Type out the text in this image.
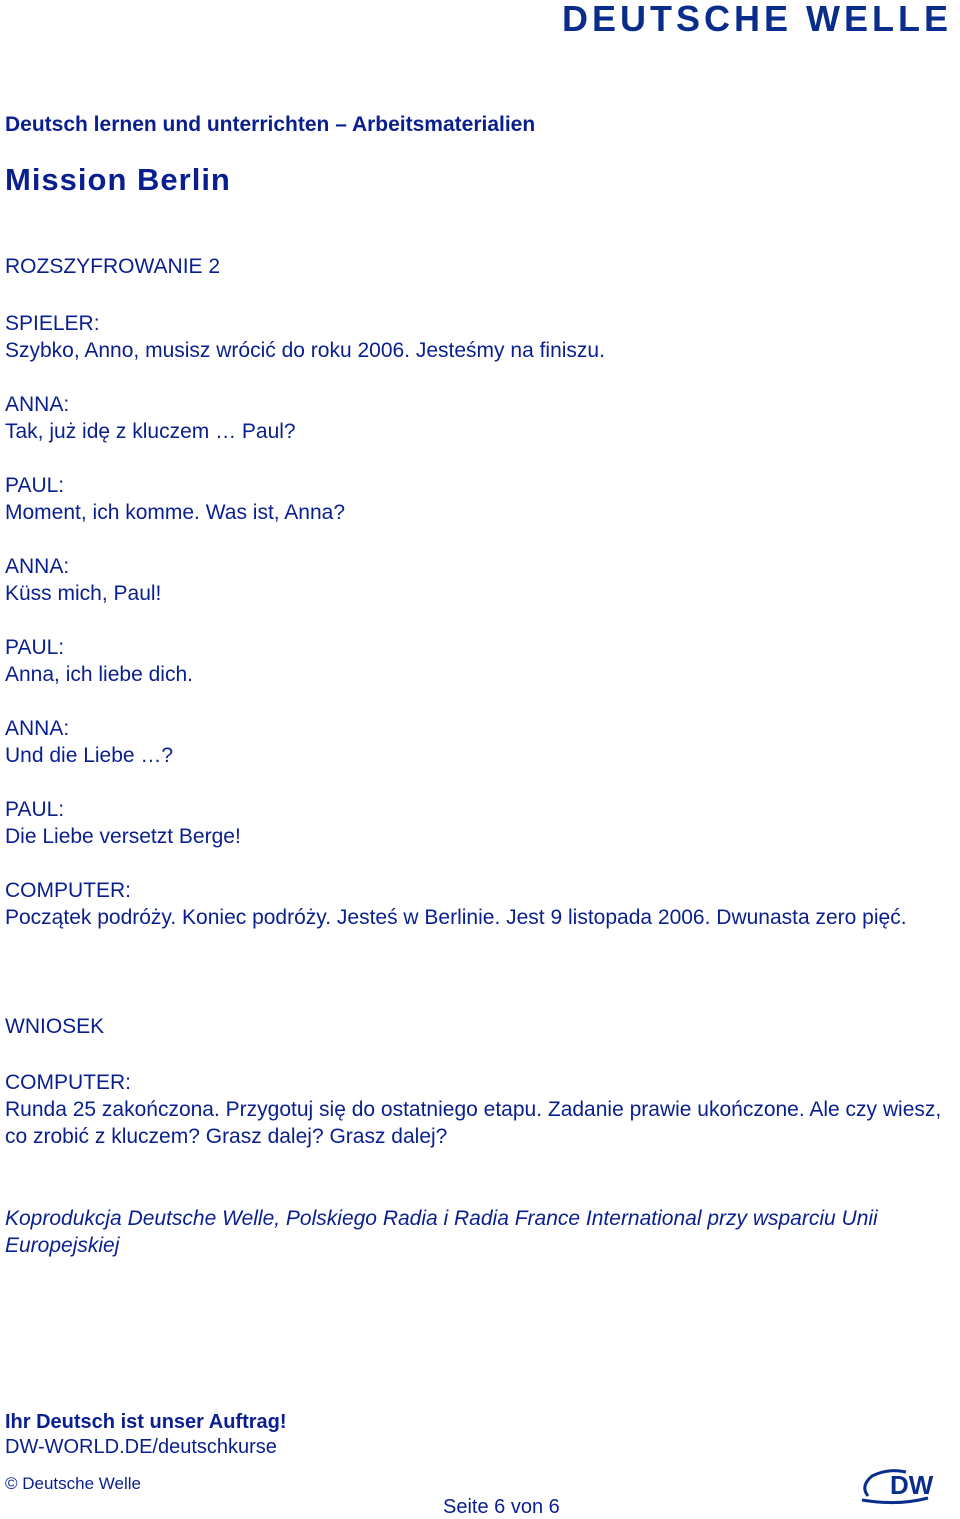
DEUTSCHE WELLE
Deutsch lernen und unterrichten – Arbeitsmaterialien
Mission Berlin
ROZSZYFROWANIE 2

SPIELER:

Szybko, Anno, musisz wrócić do roku 2006. Jesteśmy na finiszu.

ANNA:

Tak, już idę z kluczem … Paul?

PAUL:

Moment, ich komme. Was ist, Anna?

ANNA:

Küss mich, Paul!

PAUL:

Anna, ich liebe dich.

ANNA:

Und die Liebe …?

PAUL:

Die Liebe versetzt Berge!

COMPUTER:

Początek podróży. Koniec podróży. Jesteś w Berlinie. Jest 9 listopada 2006. Dwunasta zero pięć.

WNIOSEK

COMPUTER:

Runda 25 zakończona. Przygotuj się do ostatniego etapu. Zadanie prawie ukończone. Ale czy wiesz, co zrobić z kluczem? Grasz dalej? Grasz dalej?

Koprodukcja Deutsche Welle, Polskiego Radia i Radia France International przy wsparciu Unii Europejskiej
Ihr Deutsch ist unser Auftrag!
DW-WORLD.DE/deutschkurse
© Deutsche Welle
Seite 6 von 6
DW
